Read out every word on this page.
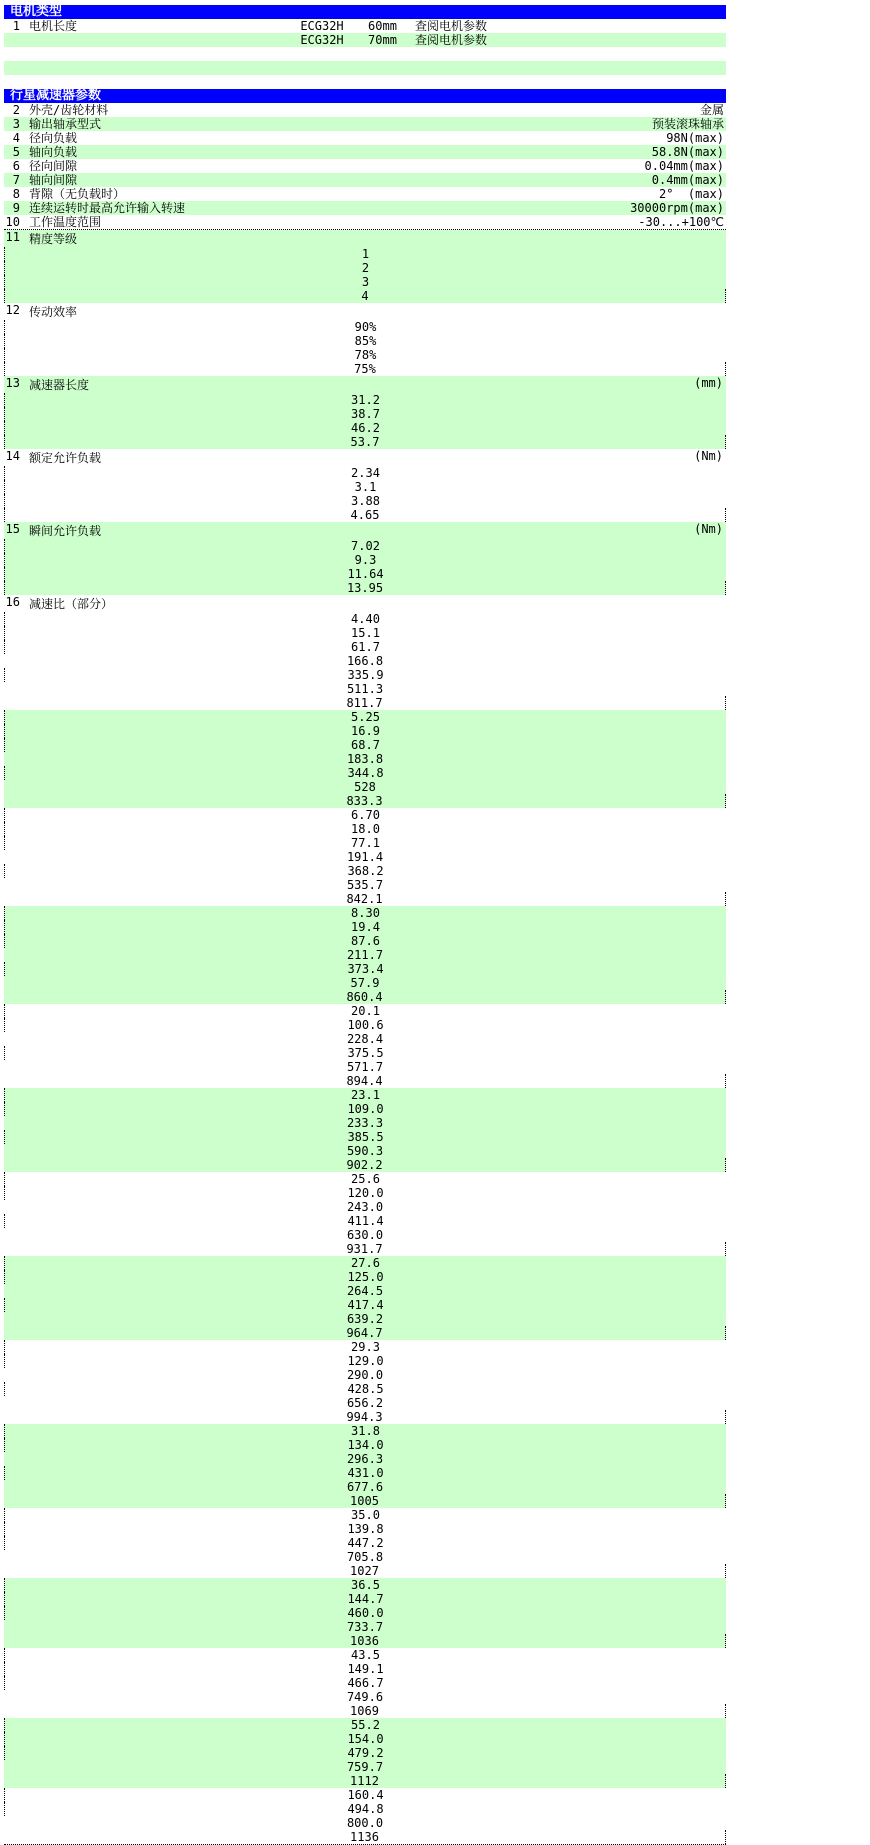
电机类型
1 电机长度	ECG32H	60mm	查阅电机参数
ECG32H	70mm	查阅电机参数
行星减速器参数
2 外壳/齿轮材料	金属
3 输出轴承型式	预装滚珠轴承
4 径向负载	98N(max)
5 轴向负载	58.8N(max)
6 径向间隙	0.04mm(max)
7 轴向间隙	0.4mm(max)
8 背隙（无负载时）	2°  (max)
9 连续运转时最高允许输入转速	30000rpm(max)
10 工作温度范围	-30...+100℃
11 精度等级
1
2
3
4
12 传动效率
90%
85%
78%
75%
13 减速器长度	(mm)
31.2
38.7
46.2
53.7
14 额定允许负载	(Nm)
2.34
3.1
3.88
4.65
15 瞬间允许负载	(Nm)
7.02
9.3
11.64
13.95
16 减速比（部分）
4.40
15.1
61.7
166.8
335.9
511.3
811.7
5.25
16.9
68.7
183.8
344.8
528
833.3
6.70
18.0
77.1
191.4
368.2
535.7
842.1
8.30
19.4
87.6
211.7
373.4
57.9
860.4
20.1
100.6
228.4
375.5
571.7
894.4
23.1
109.0
233.3
385.5
590.3
902.2
25.6
120.0
243.0
411.4
630.0
931.7
27.6
125.0
264.5
417.4
639.2
964.7
29.3
129.0
290.0
428.5
656.2
994.3
31.8
134.0
296.3
431.0
677.6
1005
35.0
139.8
447.2
705.8
1027
36.5
144.7
460.0
733.7
1036
43.5
149.1
466.7
749.6
1069
55.2
154.0
479.2
759.7
1112
160.4
494.8
800.0
1136
